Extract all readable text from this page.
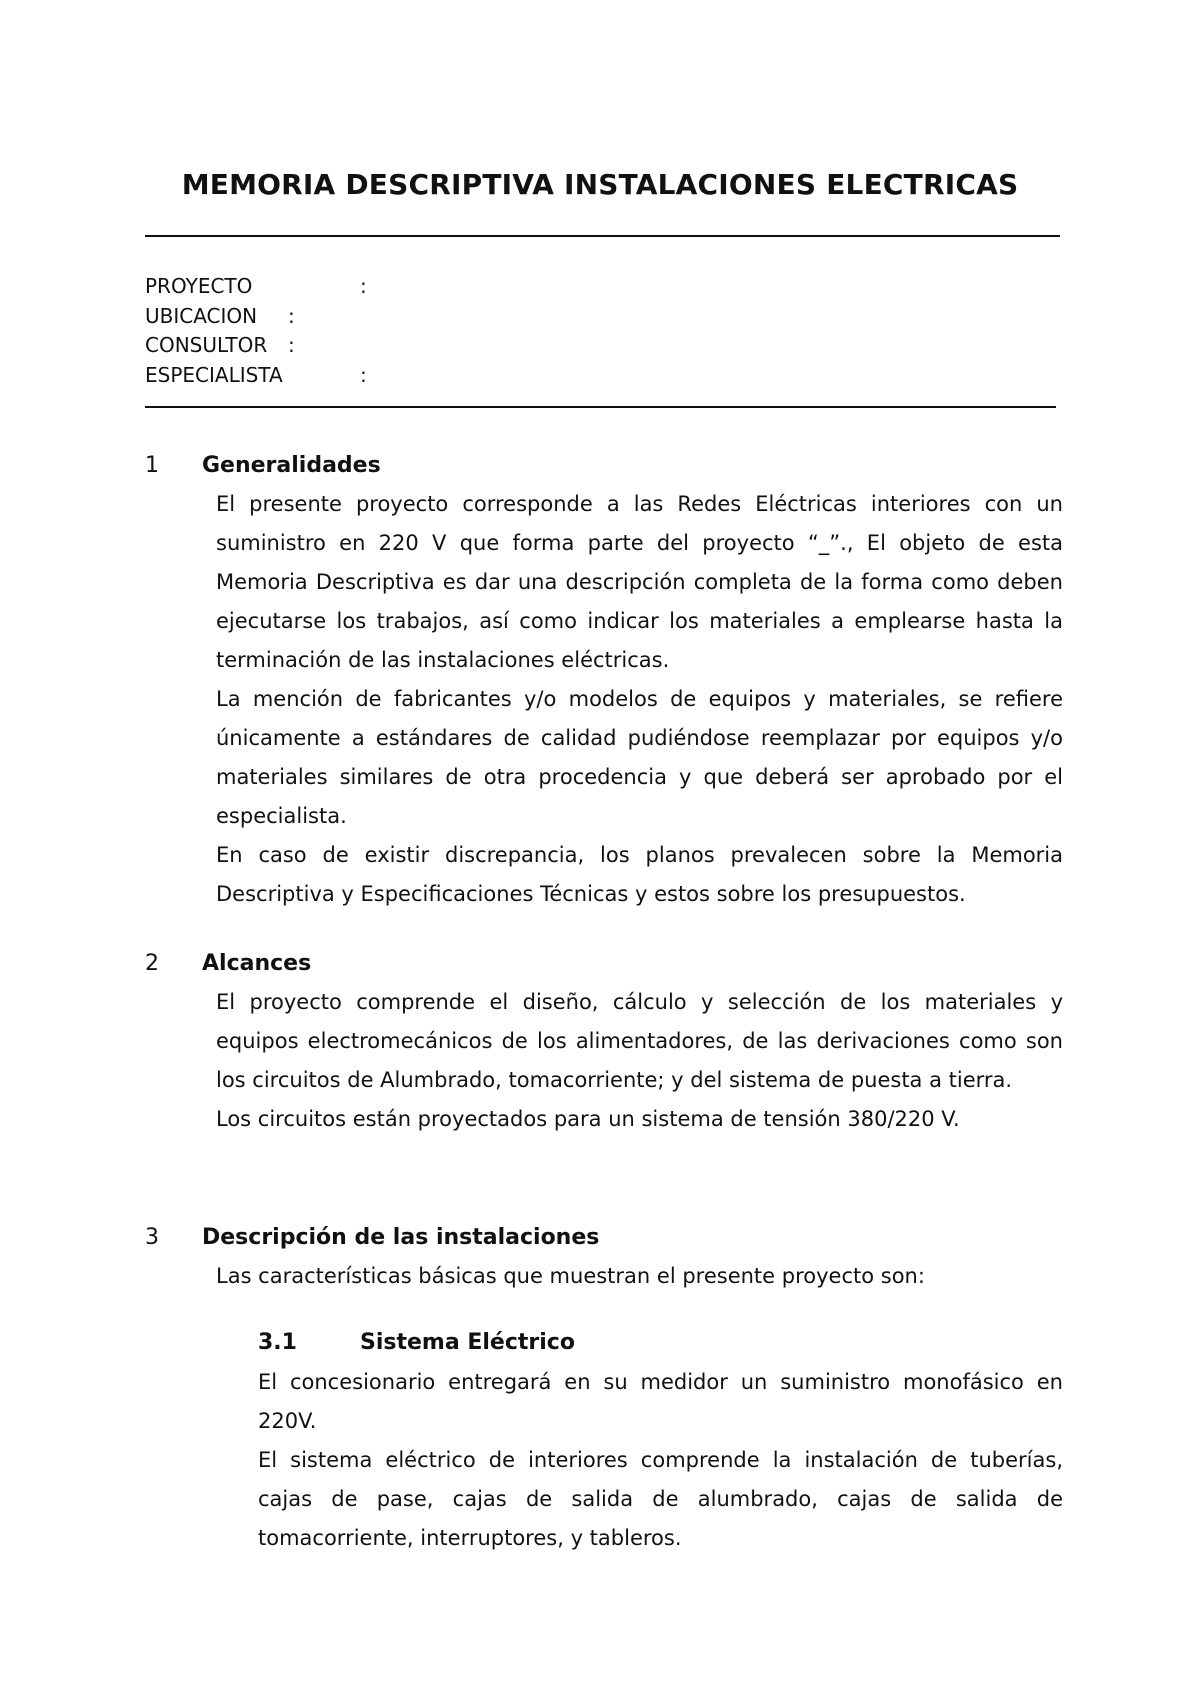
MEMORIA DESCRIPTIVA INSTALACIONES ELECTRICAS
PROYECTO	:
UBICACION :
CONSULTOR :
ESPECIALISTA	:
1 Generalidades

El presente proyecto corresponde a las Redes Eléctricas interiores con un suministro en 220 V que forma parte del proyecto “_”., El objeto de esta Memoria Descriptiva es dar una descripción completa de la forma como deben ejecutarse los trabajos, así como indicar los materiales a emplearse hasta la terminación de las instalaciones eléctricas.

La mención de fabricantes y/o modelos de equipos y materiales, se refiere únicamente a estándares de calidad pudiéndose reemplazar por equipos y/o materiales similares de otra procedencia y que deberá ser aprobado por el especialista.

En caso de existir discrepancia, los planos prevalecen sobre la Memoria Descriptiva y Especificaciones Técnicas y estos sobre los presupuestos.

2 Alcances

El proyecto comprende el diseño, cálculo y selección de los materiales y equipos electromecánicos de los alimentadores, de las derivaciones como son los circuitos de Alumbrado, tomacorriente; y del sistema de puesta a tierra.

Los circuitos están proyectados para un sistema de tensión 380/220 V.

3 Descripción de las instalaciones

Las características básicas que muestran el presente proyecto son:

3.1	Sistema Eléctrico

El concesionario entregará en su medidor un suministro monofásico en 220V.

El sistema eléctrico de interiores comprende la instalación de tuberías, cajas de pase, cajas de salida de alumbrado, cajas de salida de tomacorriente, interruptores, y tableros.
